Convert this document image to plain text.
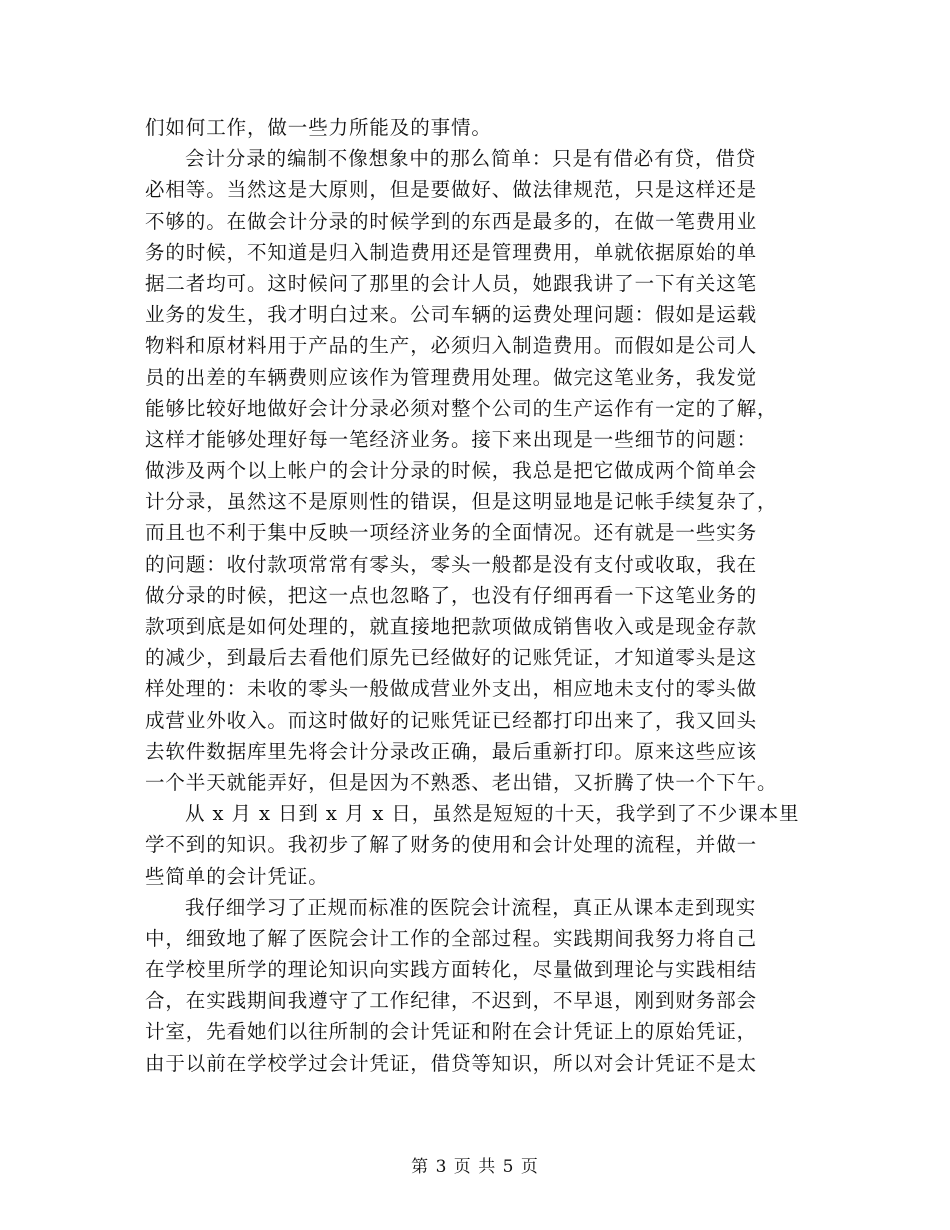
们如何工作，做一些力所能及的事情。
会计分录的编制不像想象中的那么简单：只是有借必有贷，借贷
必相等。当然这是大原则，但是要做好、做法律规范，只是这样还是
不够的。在做会计分录的时候学到的东西是最多的，在做一笔费用业
务的时候，不知道是归入制造费用还是管理费用，单就依据原始的单
据二者均可。这时候问了那里的会计人员，她跟我讲了一下有关这笔
业务的发生，我才明白过来。公司车辆的运费处理问题：假如是运载
物料和原材料用于产品的生产，必须归入制造费用。而假如是公司人
员的出差的车辆费则应该作为管理费用处理。做完这笔业务，我发觉
能够比较好地做好会计分录必须对整个公司的生产运作有一定的了解，
这样才能够处理好每一笔经济业务。接下来出现是一些细节的问题：
做涉及两个以上帐户的会计分录的时候，我总是把它做成两个简单会
计分录，虽然这不是原则性的错误，但是这明显地是记帐手续复杂了，
而且也不利于集中反映一项经济业务的全面情况。还有就是一些实务
的问题：收付款项常常有零头，零头一般都是没有支付或收取，我在
做分录的时候，把这一点也忽略了，也没有仔细再看一下这笔业务的
款项到底是如何处理的，就直接地把款项做成销售收入或是现金存款
的减少，到最后去看他们原先已经做好的记账凭证，才知道零头是这
样处理的：未收的零头一般做成营业外支出，相应地未支付的零头做
成营业外收入。而这时做好的记账凭证已经都打印出来了，我又回头
去软件数据库里先将会计分录改正确，最后重新打印。原来这些应该
一个半天就能弄好，但是因为不熟悉、老出错，又折腾了快一个下午。
从 x 月 x 日到 x 月 x 日，虽然是短短的十天，我学到了不少课本里
学不到的知识。我初步了解了财务的使用和会计处理的流程，并做一
些简单的会计凭证。
我仔细学习了正规而标准的医院会计流程，真正从课本走到现实
中，细致地了解了医院会计工作的全部过程。实践期间我努力将自己
在学校里所学的理论知识向实践方面转化，尽量做到理论与实践相结
合，在实践期间我遵守了工作纪律，不迟到，不早退，刚到财务部会
计室，先看她们以往所制的会计凭证和附在会计凭证上的原始凭证，
由于以前在学校学过会计凭证，借贷等知识，所以对会计凭证不是太
第 3 页 共 5 页
